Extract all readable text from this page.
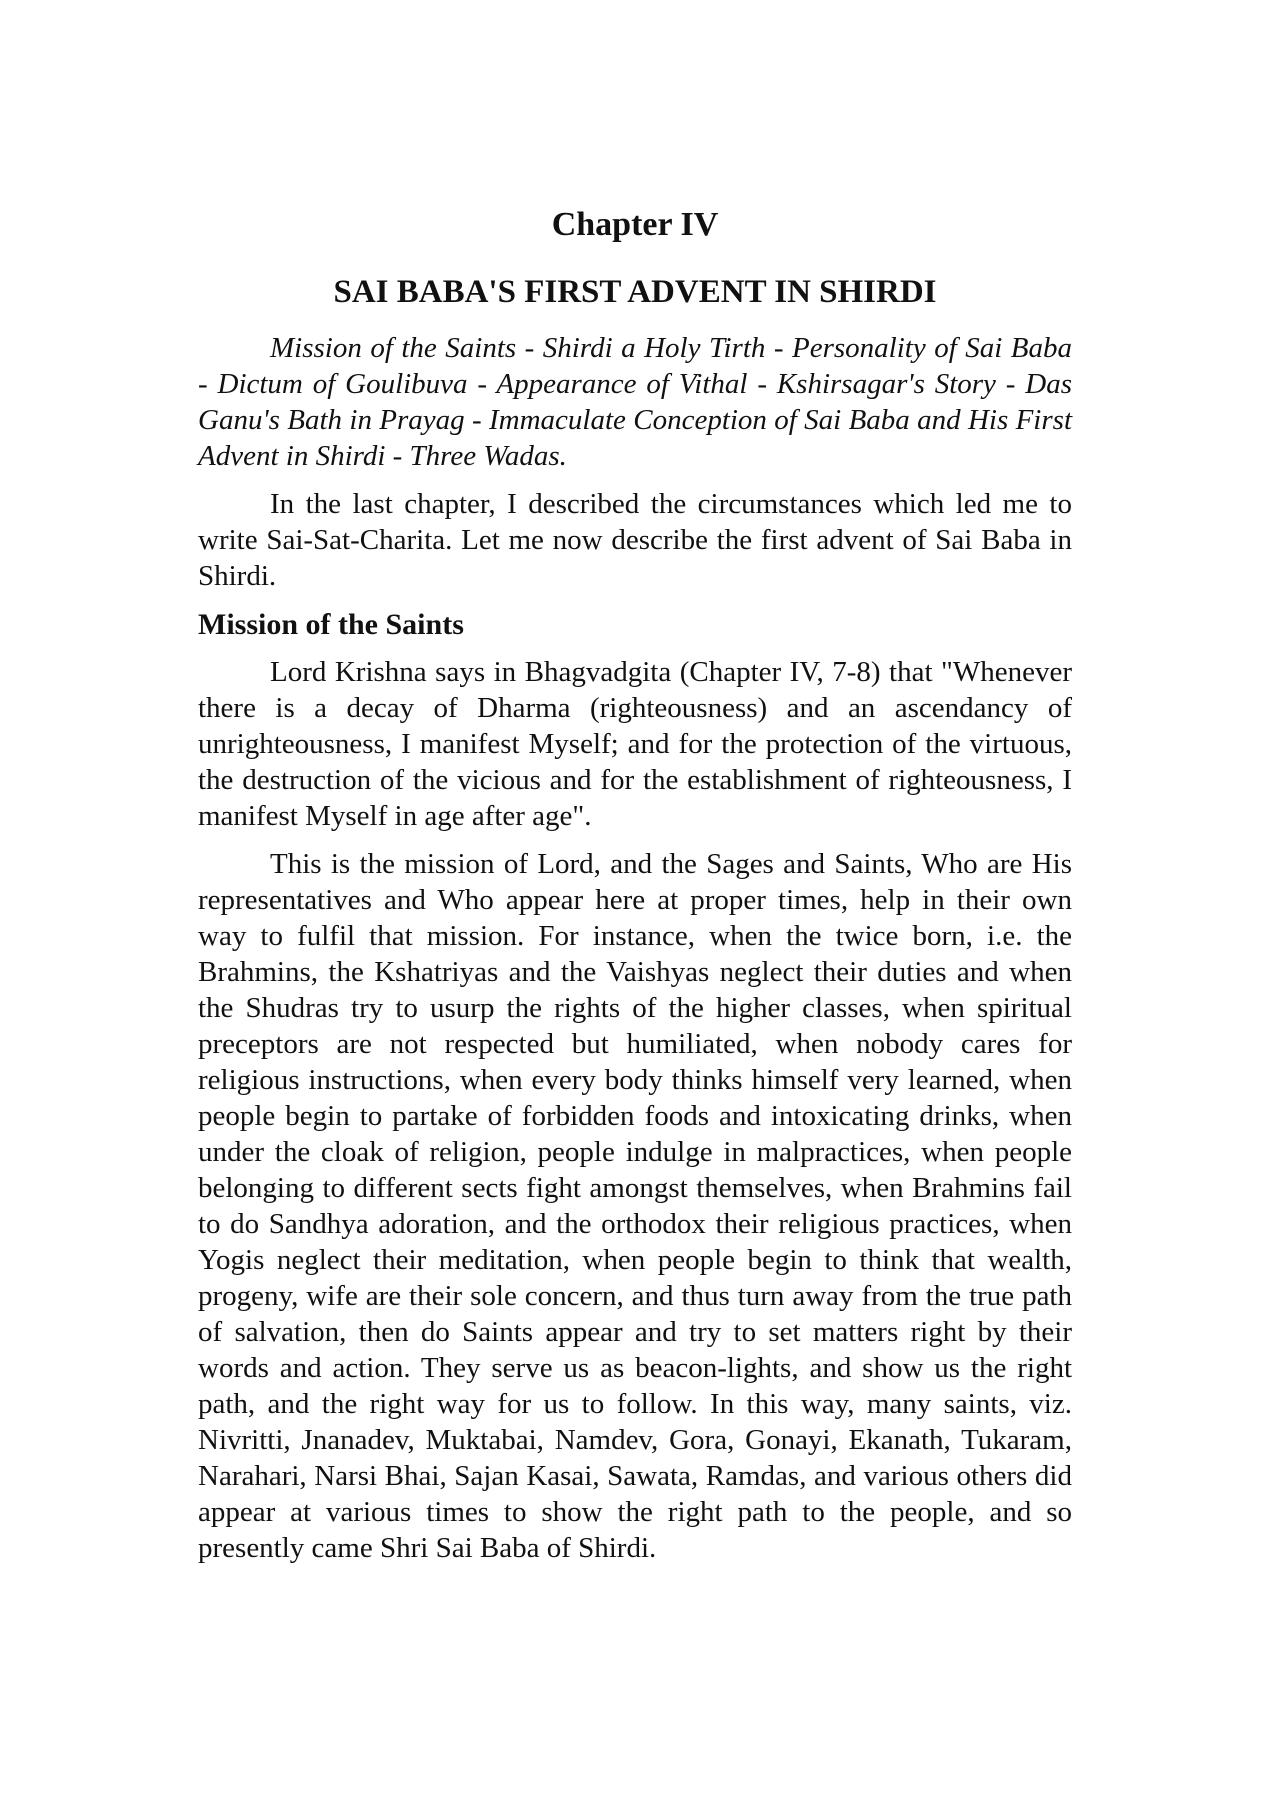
Chapter IV
SAI BABA'S FIRST ADVENT IN SHIRDI

Mission of the Saints - Shirdi a Holy Tirth - Personality of Sai Baba - Dictum of Goulibuva - Appearance of Vithal - Kshirsagar's Story - Das Ganu's Bath in Prayag - Immaculate Conception of Sai Baba and His First Advent in Shirdi - Three Wadas.

In the last chapter, I described the circumstances which led me to write Sai-Sat-Charita. Let me now describe the first advent of Sai Baba in Shirdi.

Mission of the Saints

Lord Krishna says in Bhagvadgita (Chapter IV, 7-8) that "Whenever there is a decay of Dharma (righteousness) and an ascendancy of unrighteousness, I manifest Myself; and for the protection of the virtuous, the destruction of the vicious and for the establishment of righteousness, I manifest Myself in age after age".

This is the mission of Lord, and the Sages and Saints, Who are His representatives and Who appear here at proper times, help in their own way to fulfil that mission. For instance, when the twice born, i.e. the Brahmins, the Kshatriyas and the Vaishyas neglect their duties and when the Shudras try to usurp the rights of the higher classes, when spiritual preceptors are not respected but humiliated, when nobody cares for religious instructions, when every body thinks himself very learned, when people begin to partake of forbidden foods and intoxicating drinks, when under the cloak of religion, people indulge in malpractices, when people belonging to different sects fight amongst themselves, when Brahmins fail to do Sandhya adoration, and the orthodox their religious practices, when Yogis neglect their meditation, when people begin to think that wealth, progeny, wife are their sole concern, and thus turn away from the true path of salvation, then do Saints appear and try to set matters right by their words and action. They serve us as beacon-lights, and show us the right path, and the right way for us to follow. In this way, many saints, viz. Nivritti, Jnanadev, Muktabai, Namdev, Gora, Gonayi, Ekanath, Tukaram, Narahari, Narsi Bhai, Sajan Kasai, Sawata, Ramdas, and various others did appear at various times to show the right path to the people, and so presently came Shri Sai Baba of Shirdi.
